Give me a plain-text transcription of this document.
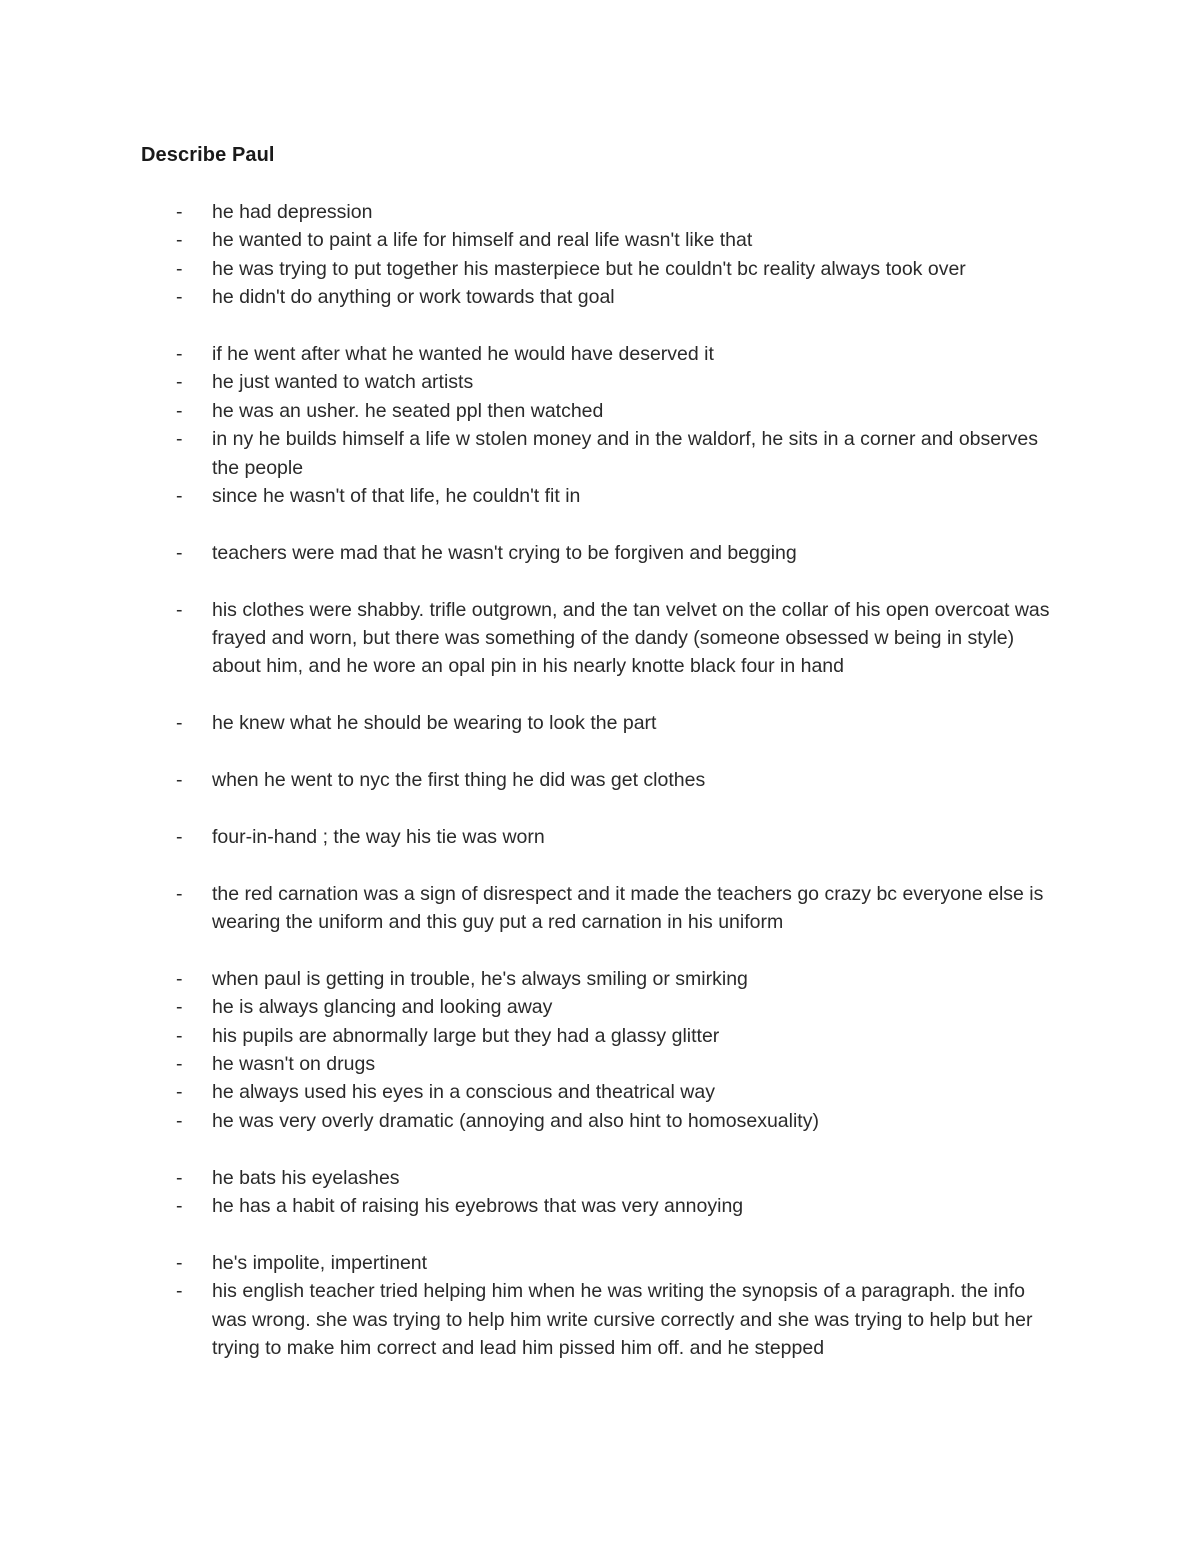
Describe Paul
-	he had depression
-	he wanted to paint a life for himself and real life wasn't like that
-	he was trying to put together his masterpiece but he couldn't bc reality always took over
-	he didn't do anything or work towards that goal
-	if he went after what he wanted he would have deserved it
-	he just wanted to watch artists
-	he was an usher. he seated ppl then watched
-	in ny he builds himself a life w stolen money and in the waldorf, he sits in a corner and observes the people
-	since he wasn't of that life, he couldn't fit in
-	teachers were mad that he wasn't crying to be forgiven and begging
-	his clothes were shabby. trifle outgrown, and the tan velvet on the collar of his open overcoat was frayed and worn, but there was something of the dandy (someone obsessed w being in style) about him, and he wore an opal pin in his nearly knotte black four in hand
-	he knew what he should be wearing to look the part
-	when he went to nyc the first thing he did was get clothes
-	four-in-hand ; the way his tie was worn
-	the red carnation was a sign of disrespect and it made the teachers go crazy bc everyone else is wearing the uniform and this guy put a red carnation in his uniform
-	when paul is getting in trouble, he's always smiling or smirking
-	he is always glancing and looking away
-	his pupils are abnormally large but they had a glassy glitter
-	he wasn't on drugs
-	he always used his eyes in a conscious and theatrical way
-	he was very overly dramatic (annoying and also hint to homosexuality)
-	he bats his eyelashes
-	he has a habit of raising his eyebrows that was very annoying
-	he's impolite, impertinent
-	his english teacher tried helping him when he was writing the synopsis of a paragraph. the info was wrong. she was trying to help him write cursive correctly and she was trying to help but her trying to make him correct and lead him pissed him off. and he stepped
